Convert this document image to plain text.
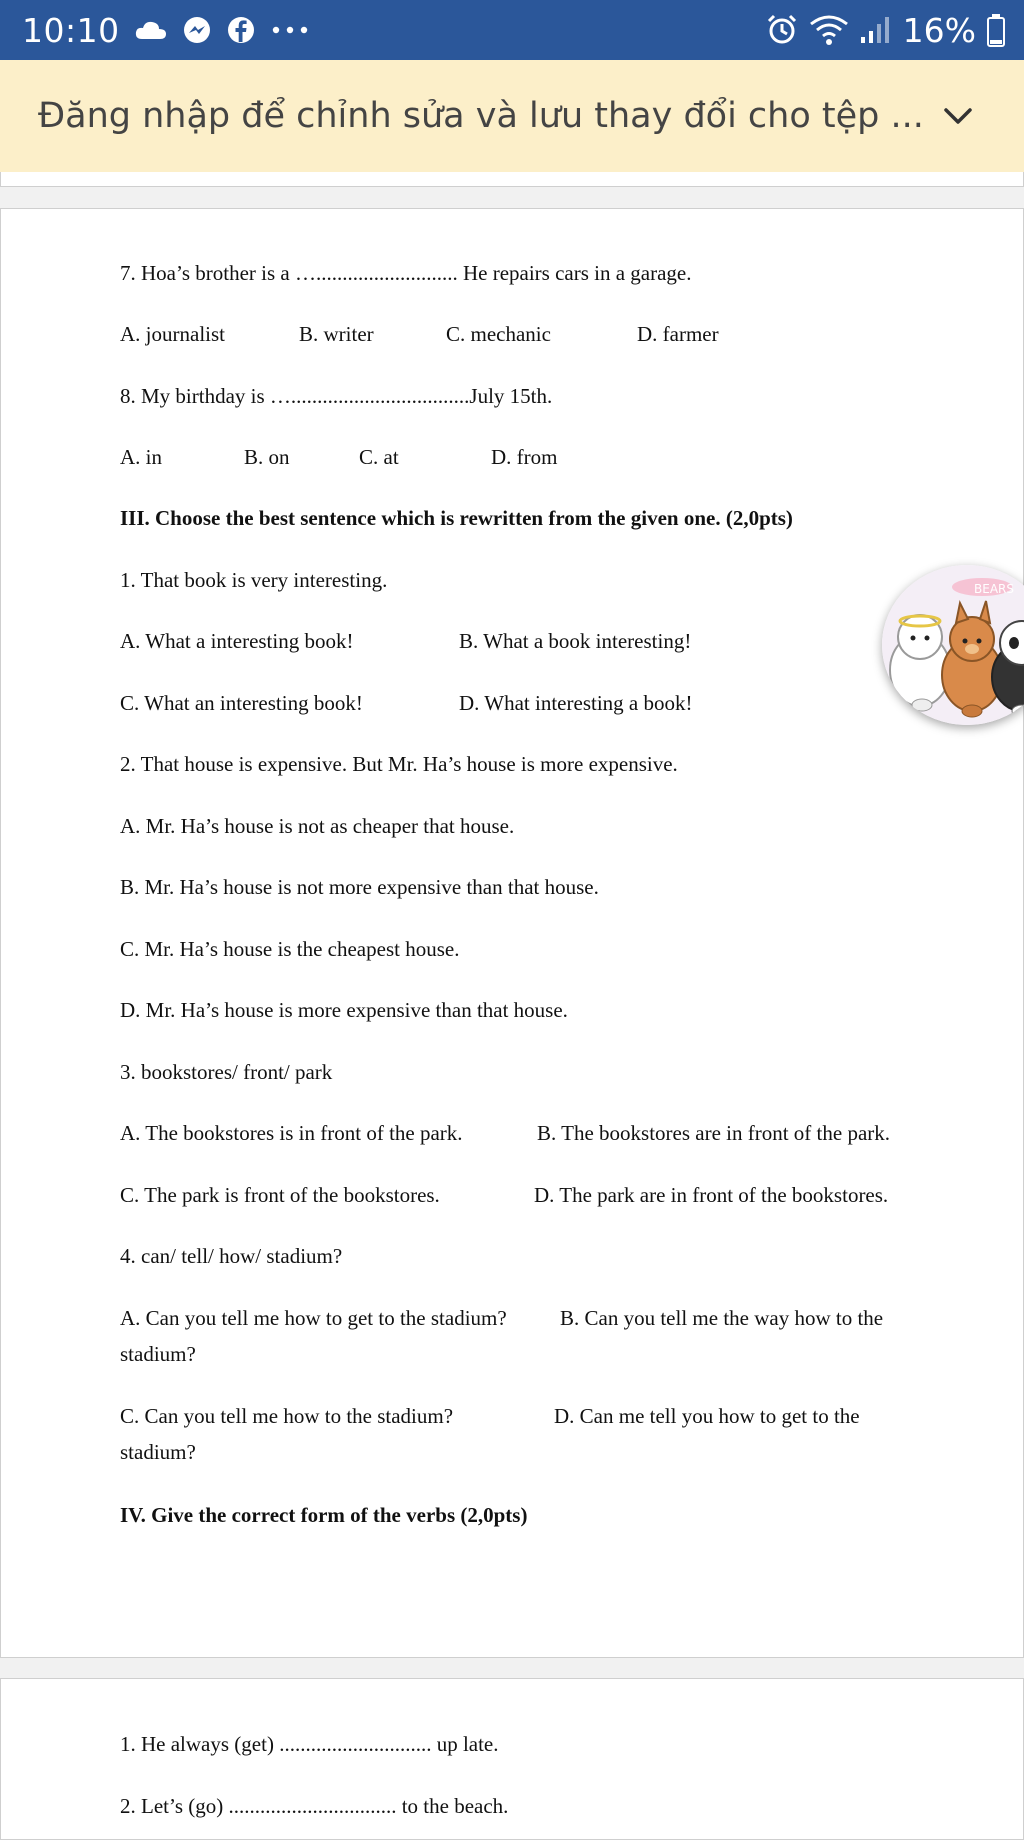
10:10	16%
Đăng nhập để chỉnh sửa và lưu thay đổi cho tệp ...
7. Hoa’s brother is a …........................... He repairs cars in a garage.
A. journalist	B. writer	C. mechanic	D. farmer
8. My birthday is …..................................July 15th.
A. in	B. on	C. at	D. from
III. Choose the best sentence which is rewritten from the given one. (2,0pts)
1. That book is very interesting.
A. What a interesting book!	B. What a book interesting!
C. What an interesting book!	D. What interesting a book!
2. That house is expensive. But Mr. Ha’s house is more expensive.
A. Mr. Ha’s house is not as cheaper that house.
B. Mr. Ha’s house is not more expensive than that house.
C. Mr. Ha’s house is the cheapest house.
D. Mr. Ha’s house is more expensive than that house.
3. bookstores/ front/ park
A. The bookstores is in front of the park.	B. The bookstores are in front of the park.
C. The park is front of the bookstores.	D. The park are in front of the bookstores.
4. can/ tell/ how/ stadium?
A. Can you tell me how to get to the stadium?	B. Can you tell me the way how to the
stadium?
C. Can you tell me how to the stadium?	D. Can me tell you how to get to the
stadium?
IV. Give the correct form of the verbs (2,0pts)
1. He always (get) ............................. up late.
2. Let’s (go) ................................ to the beach.
BEARS
